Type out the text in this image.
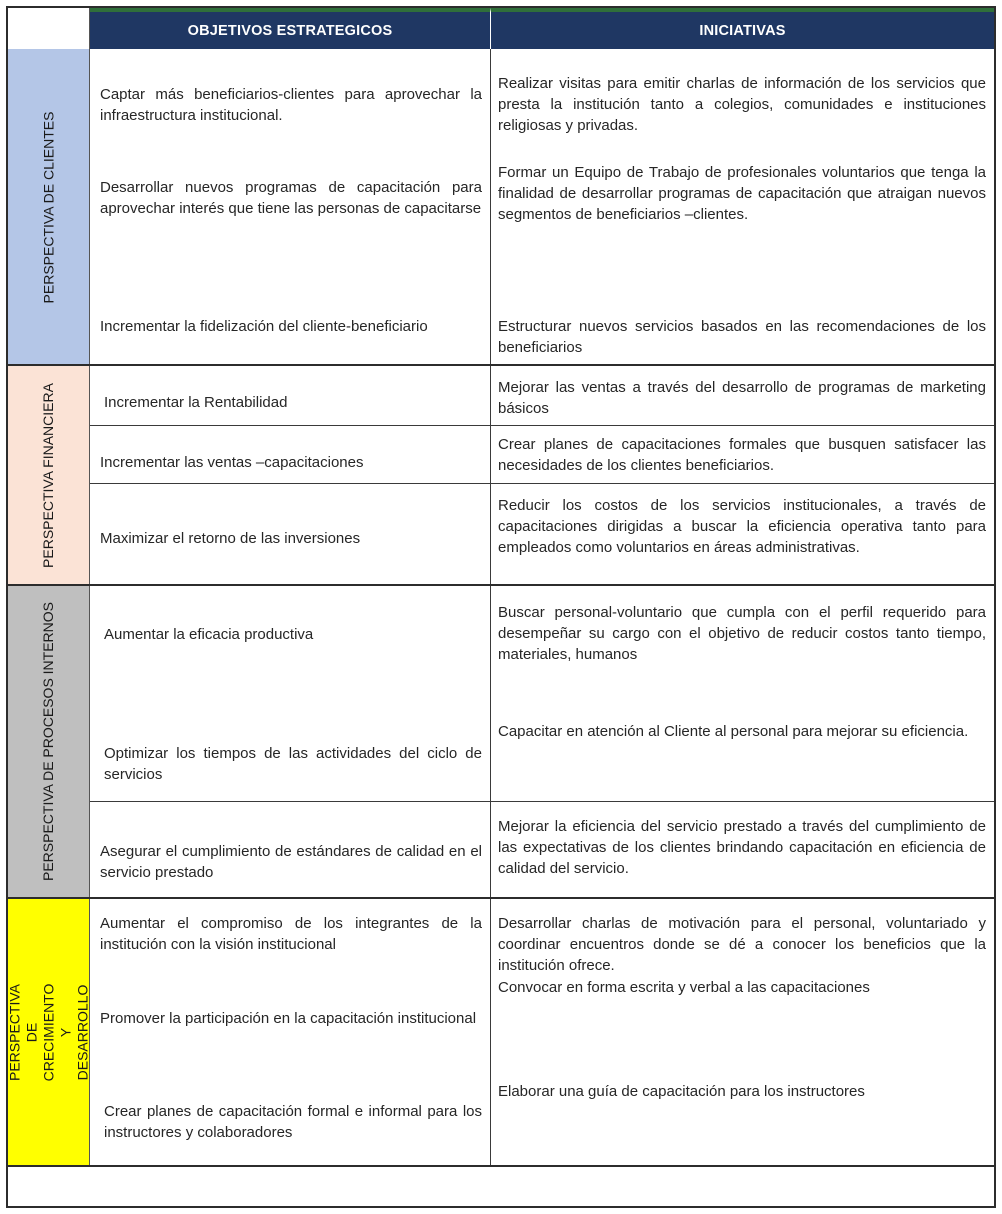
OBJETIVOS ESTRATEGICOS	INICIATIVAS
PERSPECTIVA DE CLIENTES
PERSPECTIVA FINANCIERA
PERSPECTIVA DE PROCESOS INTERNOS
PERSPECTIVA DE CRECIMIENTO Y DESARROLLO
Captar más beneficiarios-clientes para aprovechar la infraestructura institucional.
Realizar visitas para emitir charlas de información de los servicios que presta la institución tanto a colegios, comunidades e instituciones religiosas y privadas.
Desarrollar nuevos programas de capacitación para aprovechar interés que tiene las personas de capacitarse
Formar un Equipo de Trabajo de profesionales voluntarios que tenga la finalidad de desarrollar programas de capacitación que atraigan nuevos segmentos de beneficiarios –clientes.
Incrementar la fidelización del cliente-beneficiario	Estructurar nuevos servicios basados en las recomendaciones de los beneficiarios
Incrementar la Rentabilidad
Mejorar las ventas a través del desarrollo de programas de marketing básicos
Incrementar las ventas –capacitaciones
Crear planes de capacitaciones formales que busquen satisfacer las necesidades de los clientes beneficiarios.
Maximizar el retorno de las inversiones
Reducir los costos de los servicios institucionales, a través de capacitaciones dirigidas a buscar la eficiencia operativa tanto para empleados como voluntarios en áreas administrativas.
Aumentar la eficacia productiva
Buscar personal-voluntario que cumpla con el perfil requerido para desempeñar su cargo con el objetivo de reducir costos tanto tiempo, materiales, humanos
Optimizar los tiempos de las actividades del ciclo de servicios
Capacitar en atención al Cliente al personal para mejorar su eficiencia.
Asegurar el cumplimiento de estándares de calidad en el servicio prestado
Mejorar la eficiencia del servicio prestado a través del cumplimiento de las expectativas de los clientes brindando capacitación en eficiencia de calidad del servicio.
Aumentar el compromiso de los integrantes de la institución con la visión institucional
Desarrollar charlas de motivación para el personal, voluntariado y coordinar encuentros donde se dé a conocer los beneficios que la institución ofrece.
Promover la participación en la capacitación institucional
Convocar en forma escrita y verbal a las capacitaciones
Crear planes de capacitación formal e informal para los instructores y colaboradores
Elaborar una guía de capacitación para los instructores
